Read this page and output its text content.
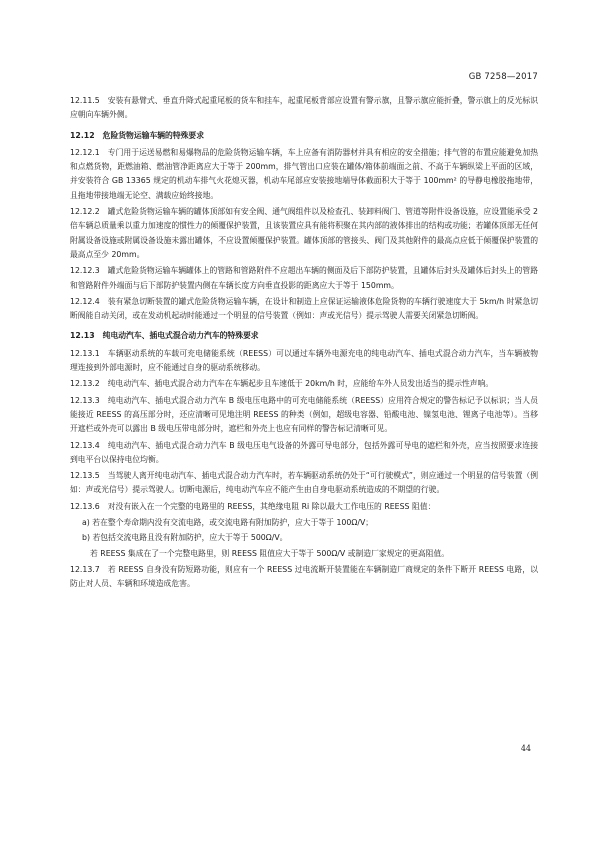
GB 7258—2017

12.11.5 安装有悬臂式、垂直升降式起重尾板的货车和挂车，起重尾板背部应设置有警示旗，且警示旗应能折叠，警示旗上的反光标识应朝向车辆外侧。

12.12 危险货物运输车辆的特殊要求

12.12.1 专门用于运送易燃和易爆物品的危险货物运输车辆，车上应备有消防器材并具有相应的安全措施；排气管的布置应能避免加热和点燃货物，距燃油箱、燃油管净距离应大于等于 200mm，排气管出口应装在罐体/箱体前端面之前、不高于车辆纵梁上平面的区域，并安装符合 GB 13365 规定的机动车排气火花熄灭器，机动车尾部应安装接地端导体截面积大于等于 100mm² 的导静电橡胶拖地带，且拖地带接地端无论空、满载应始终接地。

12.12.2 罐式危险货物运输车辆的罐体顶部如有安全阀、通气阀组件以及检查孔、装卸料阀门、管道等附件设备设施，应设置能承受 2 倍车辆总质量乘以重力加速度的惯性力的倾覆保护装置，且该装置应具有能将积聚在其内部的液体排出的结构或功能；若罐体顶部无任何附属设备设施或附属设备设施未露出罐体，不应设置倾覆保护装置。罐体顶部的管接头、阀门及其他附件的最高点应低于倾覆保护装置的最高点至少 20mm。

12.12.3 罐式危险货物运输车辆罐体上的管路和管路附件不应超出车辆的侧面及后下部防护装置，且罐体后封头及罐体后封头上的管路和管路附件外端面与后下部防护装置内侧在车辆长度方向垂直投影的距离应大于等于 150mm。

12.12.4 装有紧急切断装置的罐式危险货物运输车辆，在设计和制造上应保证运输液体危险货物的车辆行驶速度大于 5km/h 时紧急切断阀能自动关闭，或在发动机起动时能通过一个明显的信号装置（例如：声或光信号）提示驾驶人需要关闭紧急切断阀。

12.13 纯电动汽车、插电式混合动力汽车的特殊要求

12.13.1 车辆驱动系统的车载可充电储能系统（REESS）可以通过车辆外电源充电的纯电动汽车、插电式混合动力汽车，当车辆被物理连接到外部电源时，应不能通过自身的驱动系统移动。

12.13.2 纯电动汽车、插电式混合动力汽车在车辆起步且车速低于 20km/h 时，应能给车外人员发出适当的提示性声响。

12.13.3 纯电动汽车、插电式混合动力汽车 B 级电压电路中的可充电储能系统（REESS）应用符合规定的警告标记予以标识；当人员能接近 REESS 的高压部分时，还应清晰可见地注明 REESS 的种类（例如，超级电容器、铅酸电池、镍氢电池、锂离子电池等）。当移开遮栏或外壳可以露出 B 级电压带电部分时，遮栏和外壳上也应有同样的警告标记清晰可见。

12.13.4 纯电动汽车、插电式混合动力汽车 B 级电压电气设备的外露可导电部分，包括外露可导电的遮栏和外壳，应当按照要求连接到电平台以保持电位均衡。

12.13.5 当驾驶人离开纯电动汽车、插电式混合动力汽车时，若车辆驱动系统仍处于“可行驶模式”，则应通过一个明显的信号装置（例如：声或光信号）提示驾驶人。切断电源后，纯电动汽车应不能产生由自身电驱动系统造成的不期望的行驶。

12.13.6 对没有嵌入在一个完整的电路里的 REESS，其绝缘电阻 Ri 除以最大工作电压的 REESS 阻值：

a) 若在整个寿命期内没有交流电路，或交流电路有附加防护，应大于等于 100Ω/V；

b) 若包括交流电路且没有附加防护，应大于等于 500Ω/V。

若 REESS 集成在了一个完整电路里，则 REESS 阻值应大于等于 500Ω/V 或制造厂家规定的更高阻值。

12.13.7 若 REESS 自身没有防短路功能，则应有一个 REESS 过电流断开装置能在车辆制造厂商规定的条件下断开 REESS 电路，以防止对人员、车辆和环境造成危害。

44
